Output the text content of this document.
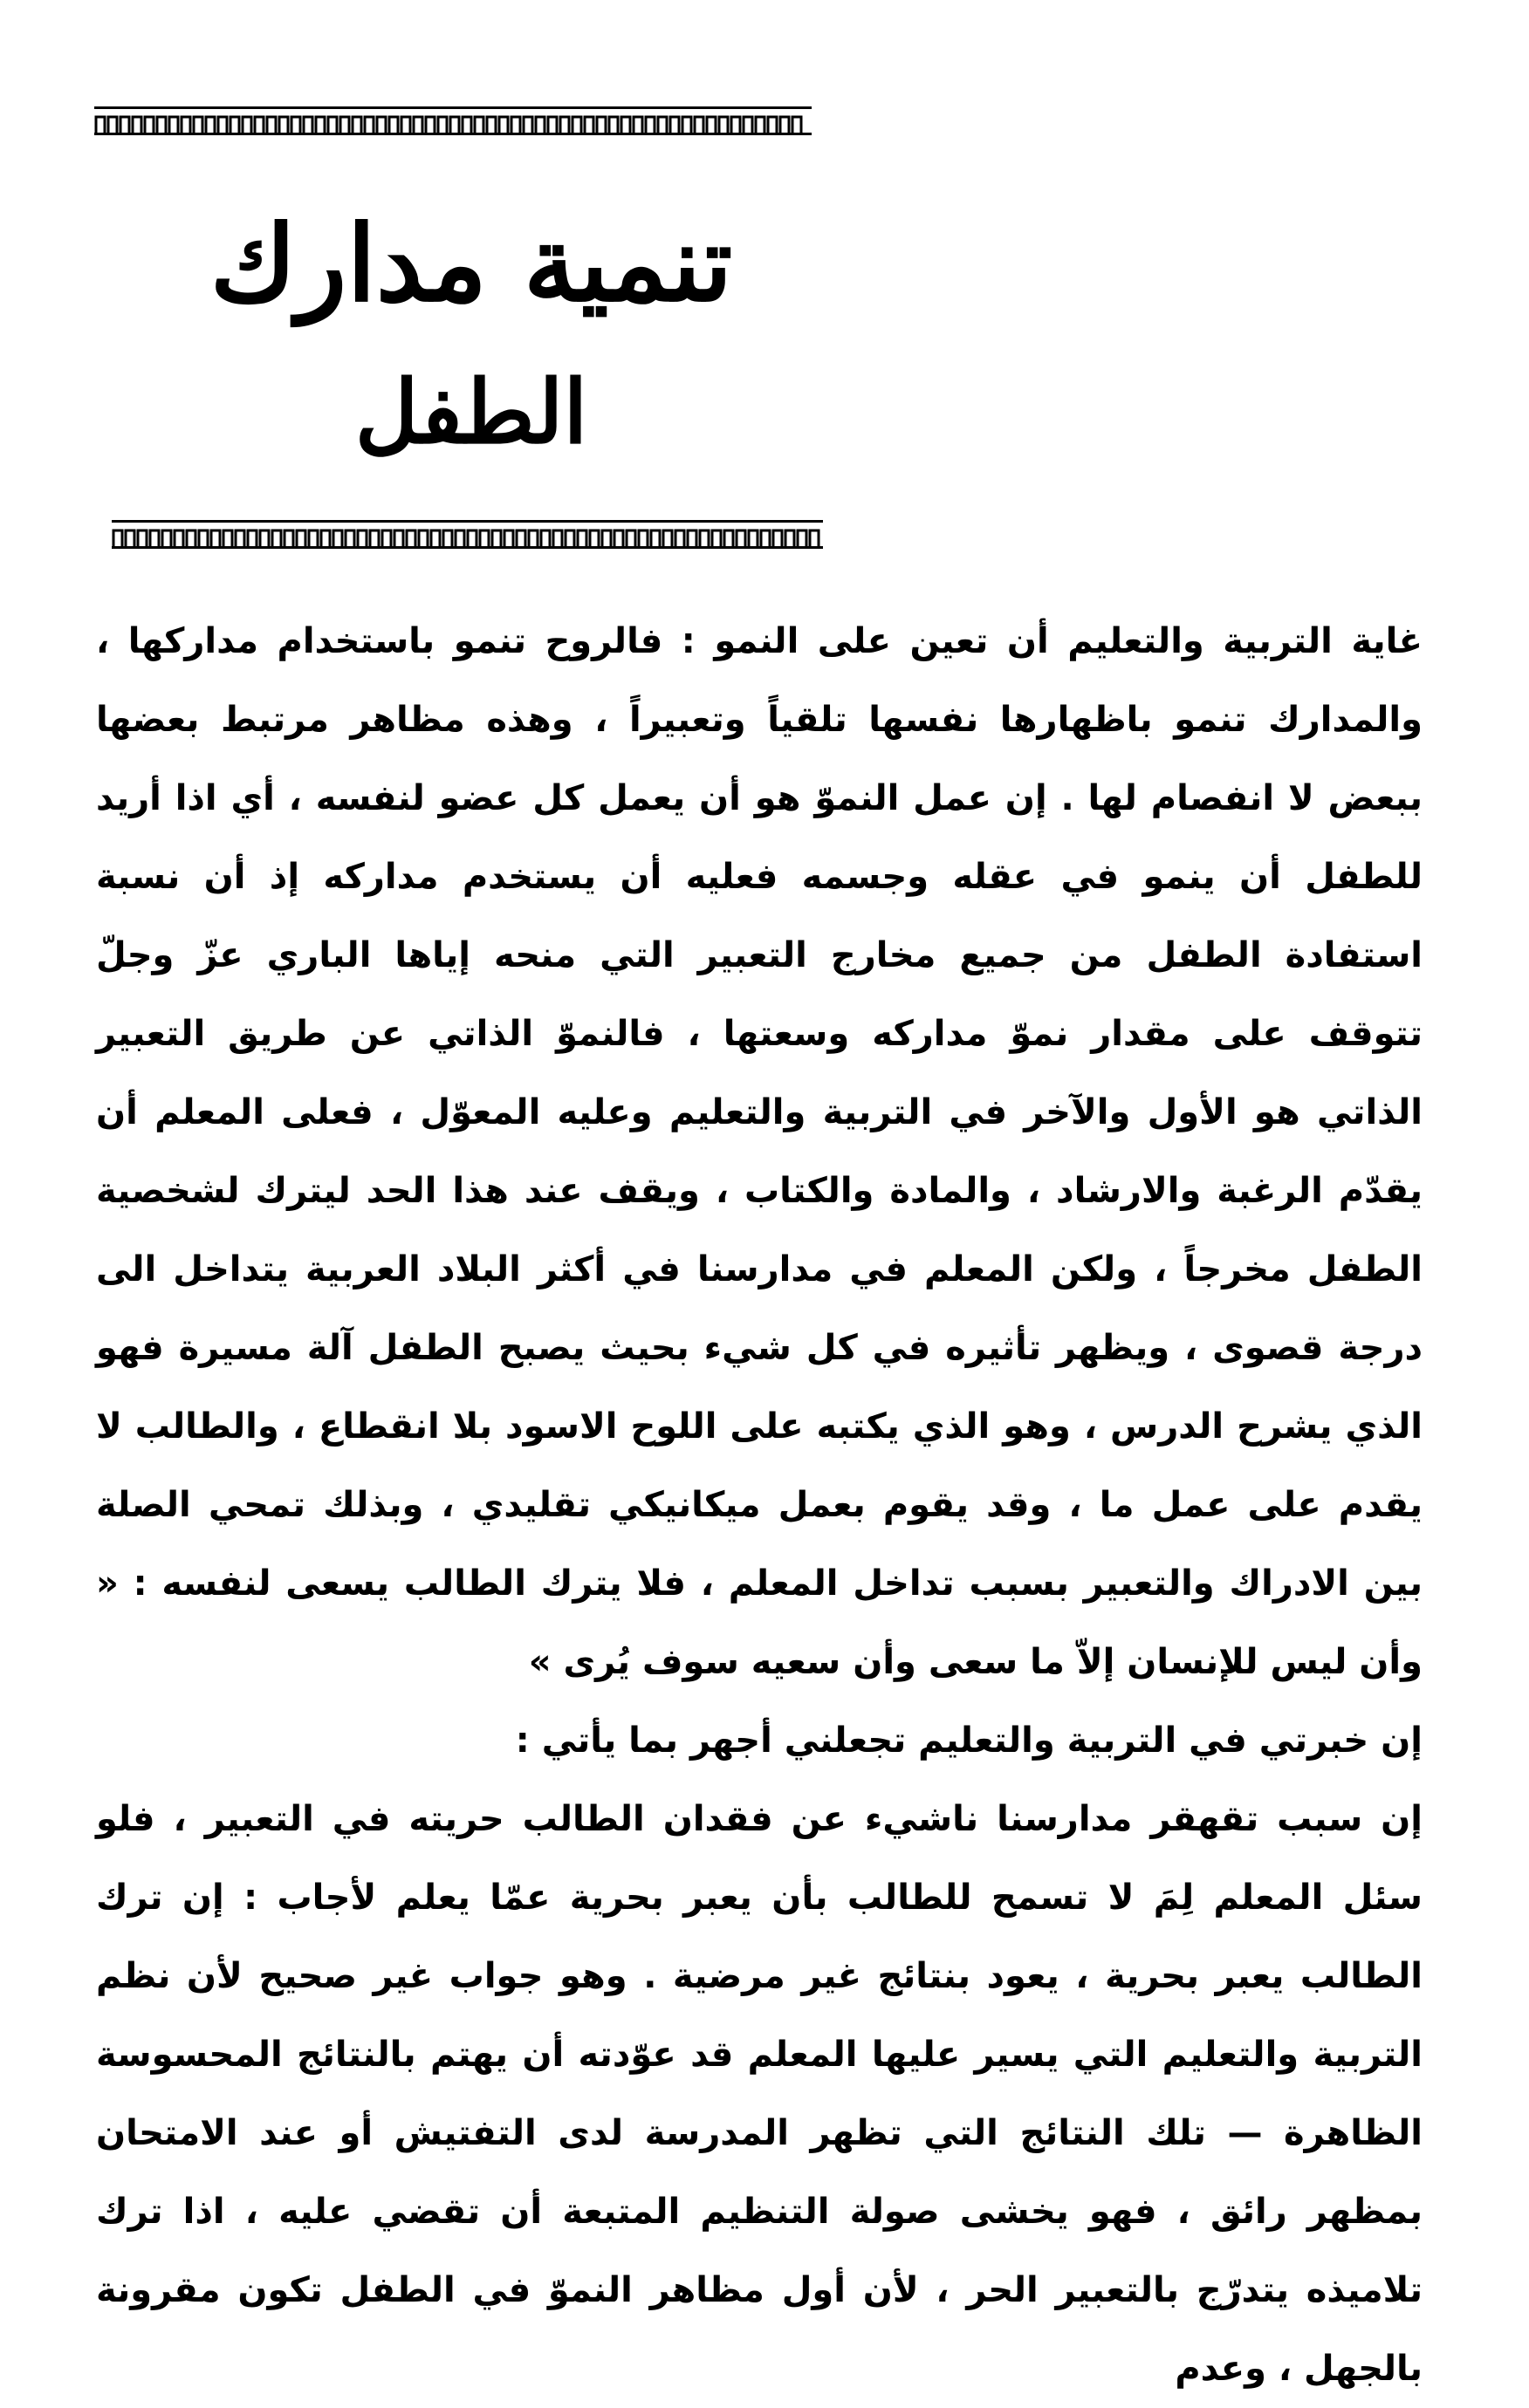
تنمية مدارك
الطفل

غاية التربية والتعليم أن تعين على النمو : فالروح تنمو باستخدام مداركها ، والمدارك تنمو باظهارها نفسها تلقياً وتعبيراً ، وهذه مظاهر مرتبط بعضها ببعض لا انفصام لها . إن عمل النموّ هو أن يعمل كل عضو لنفسه ، أي اذا أريد للطفل أن ينمو في عقله وجسمه فعليه أن يستخدم مداركه إذ أن نسبة استفادة الطفل من جميع مخارج التعبير التي منحه إياها الباري عزّ وجلّ تتوقف على مقدار نموّ مداركه وسعتها ، فالنموّ الذاتي عن طريق التعبير الذاتي هو الأول والآخر في التربية والتعليم وعليه المعوّل ، فعلى المعلم أن يقدّم الرغبة والارشاد ، والمادة والكتاب ، ويقف عند هذا الحد ليترك لشخصية الطفل مخرجاً ، ولكن المعلم في مدارسنا في أكثر البلاد العربية يتداخل الى درجة قصوى ، ويظهر تأثيره في كل شيء بحيث يصبح الطفل آلة مسيرة فهو الذي يشرح الدرس ، وهو الذي يكتبه على اللوح الاسود بلا انقطاع ، والطالب لا يقدم على عمل ما ، وقد يقوم بعمل ميكانيكي تقليدي ، وبذلك تمحي الصلة بين الادراك والتعبير بسبب تداخل المعلم ، فلا يترك الطالب يسعى لنفسه : « وأن ليس للإنسان إلاّ ما سعى وأن سعيه سوف يُرى »

إن خبرتي في التربية والتعليم تجعلني أجهر بما يأتي :

إن سبب تقهقر مدارسنا ناشيء عن فقدان الطالب حريته في التعبير ، فلو سئل المعلم لِمَ لا تسمح للطالب بأن يعبر بحرية عمّا يعلم لأجاب : إن ترك الطالب يعبر بحرية ، يعود بنتائج غير مرضية . وهو جواب غير صحيح لأن نظم التربية والتعليم التي يسير عليها المعلم قد عوّدته أن يهتم بالنتائج المحسوسة الظاهرة — تلك النتائج التي تظهر المدرسة لدى التفتيش أو عند الامتحان بمظهر رائق ، فهو يخشى صولة التنظيم المتبعة أن تقضي عليه ، اذا ترك تلاميذه يتدرّج بالتعبير الحر ، لأن أول مظاهر النموّ في الطفل تكون مقرونة بالجهل ، وعدم
